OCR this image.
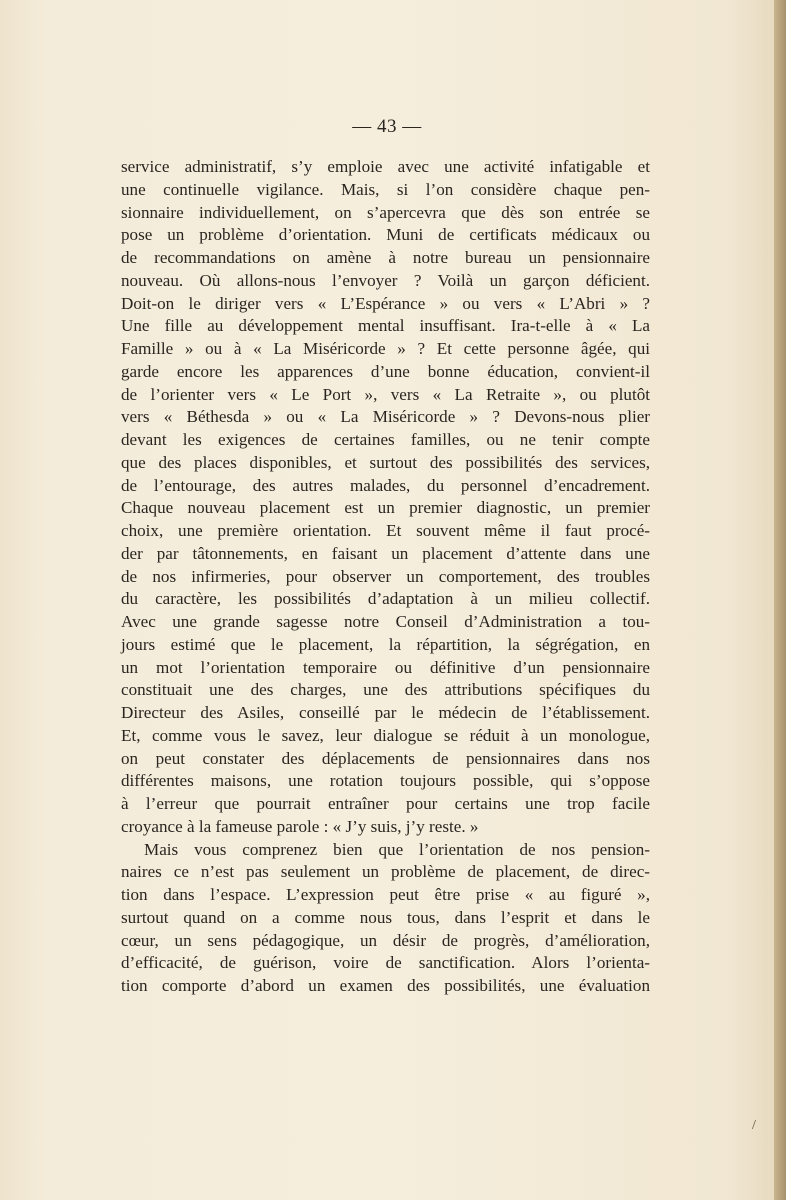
— 43 —
service administratif, s’y emploie avec une activité infatigable et
une continuelle vigilance. Mais, si l’on considère chaque pen-
sionnaire individuellement, on s’apercevra que dès son entrée se
pose un problème d’orientation. Muni de certificats médicaux ou
de recommandations on amène à notre bureau un pensionnaire
nouveau. Où allons-nous l’envoyer ? Voilà un garçon déficient.
Doit-on le diriger vers « L’Espérance » ou vers « L’Abri » ?
Une fille au développement mental insuffisant. Ira-t-elle à « La
Famille » ou à « La Miséricorde » ? Et cette personne âgée, qui
garde encore les apparences d’une bonne éducation, convient-il
de l’orienter vers « Le Port », vers « La Retraite », ou plutôt
vers « Béthesda » ou « La Miséricorde » ? Devons-nous plier
devant les exigences de certaines familles, ou ne tenir compte
que des places disponibles, et surtout des possibilités des services,
de l’entourage, des autres malades, du personnel d’encadrement.
Chaque nouveau placement est un premier diagnostic, un premier
choix, une première orientation. Et souvent même il faut procé-
der par tâtonnements, en faisant un placement d’attente dans une
de nos infirmeries, pour observer un comportement, des troubles
du caractère, les possibilités d’adaptation à un milieu collectif.
Avec une grande sagesse notre Conseil d’Administration a tou-
jours estimé que le placement, la répartition, la ségrégation, en
un mot l’orientation temporaire ou définitive d’un pensionnaire
constituait une des charges, une des attributions spécifiques du
Directeur des Asiles, conseillé par le médecin de l’établissement.
Et, comme vous le savez, leur dialogue se réduit à un monologue,
on peut constater des déplacements de pensionnaires dans nos
différentes maisons, une rotation toujours possible, qui s’oppose
à l’erreur que pourrait entraîner pour certains une trop facile
croyance à la fameuse parole : « J’y suis, j’y reste. »
Mais vous comprenez bien que l’orientation de nos pension-
naires ce n’est pas seulement un problème de placement, de direc-
tion dans l’espace. L’expression peut être prise « au figuré »,
surtout quand on a comme nous tous, dans l’esprit et dans le
cœur, un sens pédagogique, un désir de progrès, d’amélioration,
d’efficacité, de guérison, voire de sanctification. Alors l’orienta-
tion comporte d’abord un examen des possibilités, une évaluation
/
